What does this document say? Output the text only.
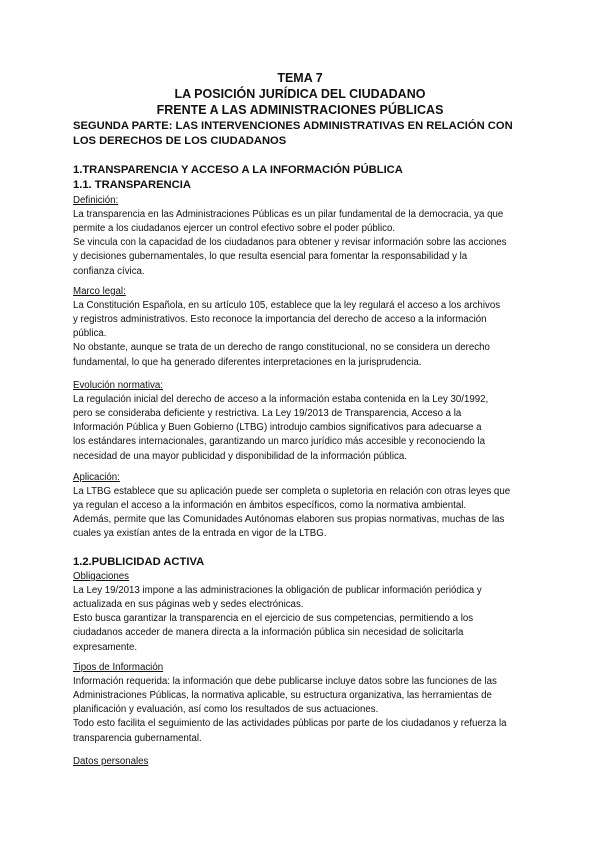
TEMA 7
LA POSICIÓN JURÍDICA DEL CIUDADANO
FRENTE A LAS ADMINISTRACIONES PÚBLICAS
SEGUNDA PARTE: LAS INTERVENCIONES ADMINISTRATIVAS EN RELACIÓN CON
LOS DERECHOS DE LOS CIUDADANOS
1.TRANSPARENCIA Y ACCESO A LA INFORMACIÓN PÚBLICA
1.1. TRANSPARENCIA
1.2.PUBLICIDAD ACTIVA
Definición:
La transparencia en las Administraciones Públicas es un pilar fundamental de la democracia, ya que
permite a los ciudadanos ejercer un control efectivo sobre el poder público.
Se vincula con la capacidad de los ciudadanos para obtener y revisar información sobre las acciones
y decisiones gubernamentales, lo que resulta esencial para fomentar la responsabilidad y la
confianza cívica.
Marco legal:
La Constitución Española, en su artículo 105, establece que la ley regulará el acceso a los archivos
y registros administrativos. Esto reconoce la importancia del derecho de acceso a la información
pública.
No obstante, aunque se trata de un derecho de rango constitucional, no se considera un derecho
fundamental, lo que ha generado diferentes interpretaciones en la jurisprudencia.
Evolución normativa:
La regulación inicial del derecho de acceso a la información estaba contenida en la Ley 30/1992,
pero se consideraba deficiente y restrictiva. La Ley 19/2013 de Transparencia, Acceso a la
Información Pública y Buen Gobierno (LTBG) introdujo cambios significativos para adecuarse a
los estándares internacionales, garantizando un marco jurídico más accesible y reconociendo la
necesidad de una mayor publicidad y disponibilidad de la información pública.
Aplicación:
La LTBG establece que su aplicación puede ser completa o supletoria en relación con otras leyes que
ya regulan el acceso a la información en ámbitos específicos, como la normativa ambiental.
Además, permite que las Comunidades Autónomas elaboren sus propias normativas, muchas de las
cuales ya existían antes de la entrada en vigor de la LTBG.
Obligaciones
La Ley 19/2013 impone a las administraciones la obligación de publicar información periódica y
actualizada en sus páginas web y sedes electrónicas.
Esto busca garantizar la transparencia en el ejercicio de sus competencias, permitiendo a los
ciudadanos acceder de manera directa a la información pública sin necesidad de solicitarla
expresamente.
Tipos de Información
Información requerida: la información que debe publicarse incluye datos sobre las funciones de las
Administraciones Públicas, la normativa aplicable, su estructura organizativa, las herramientas de
planificación y evaluación, así como los resultados de sus actuaciones.
Todo esto facilita el seguimiento de las actividades públicas por parte de los ciudadanos y refuerza la
transparencia gubernamental.
Datos personales
